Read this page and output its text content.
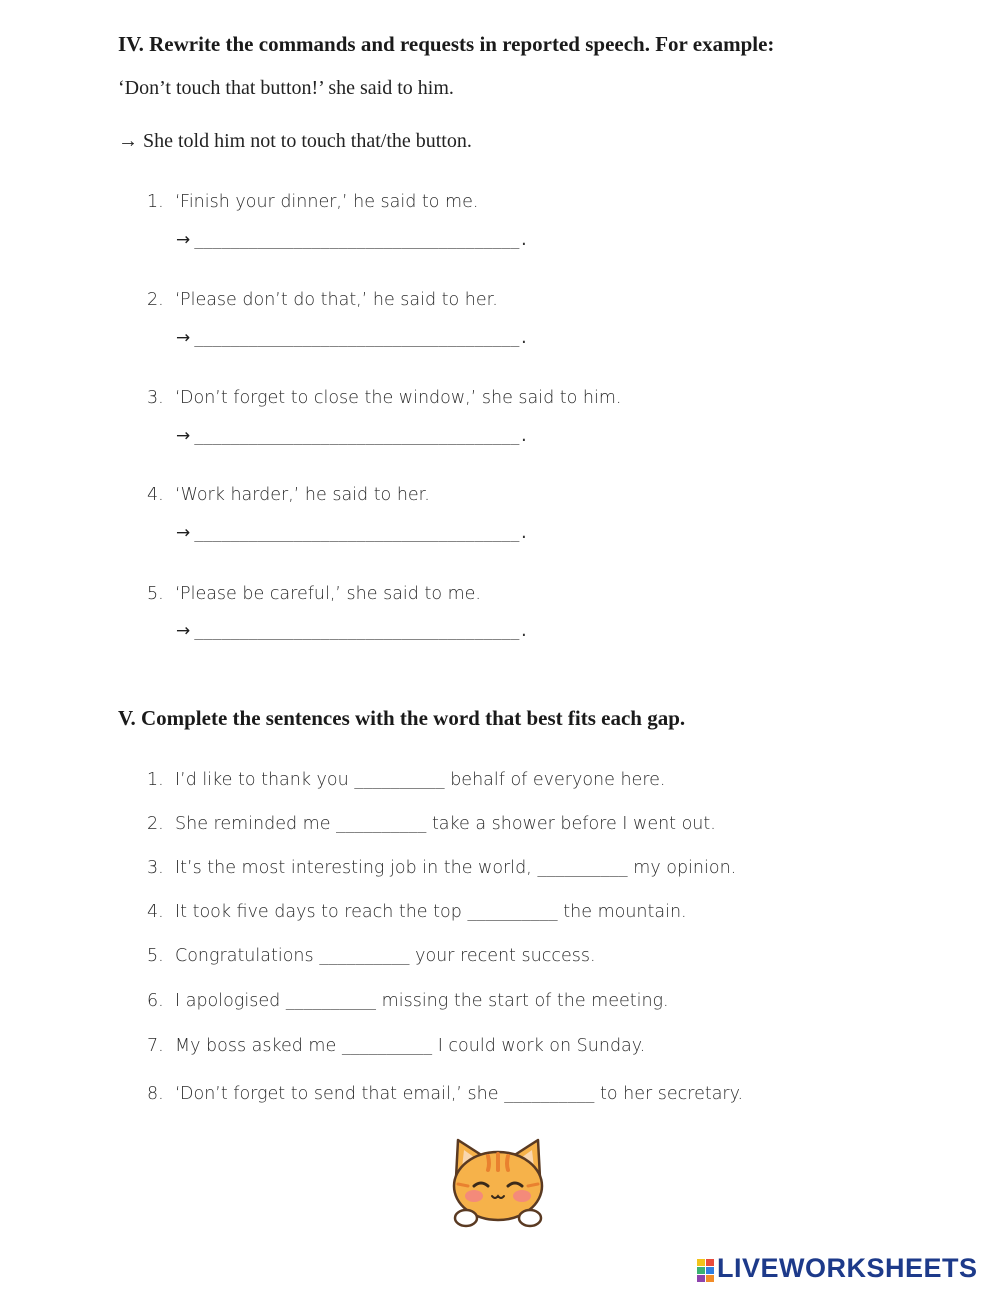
IV. Rewrite the commands and requests in reported speech. For example:
‘Don’t touch that button!’ she said to him.
→ She told him not to touch that/the button.
1. ‘Finish your dinner,’ he said to me.
→ ____________________________________.
2. ‘Please don’t do that,’ he said to her.
→ ____________________________________.
3. ‘Don’t forget to close the window,’ she said to him.
→ ____________________________________.
4. ‘Work harder,’ he said to her.
→ ____________________________________.
5. ‘Please be careful,’ she said to me.
→ ____________________________________.
V. Complete the sentences with the word that best fits each gap.
1. I’d like to thank you __________ behalf of everyone here.
2. She reminded me __________ take a shower before I went out.
3. It’s the most interesting job in the world, __________ my opinion.
4. It took five days to reach the top __________ the mountain.
5. Congratulations __________ your recent success.
6. I apologised __________ missing the start of the meeting.
7. My boss asked me __________ I could work on Sunday.
8. ‘Don’t forget to send that email,’ she __________ to her secretary.
LIVEWORKSHEETS
